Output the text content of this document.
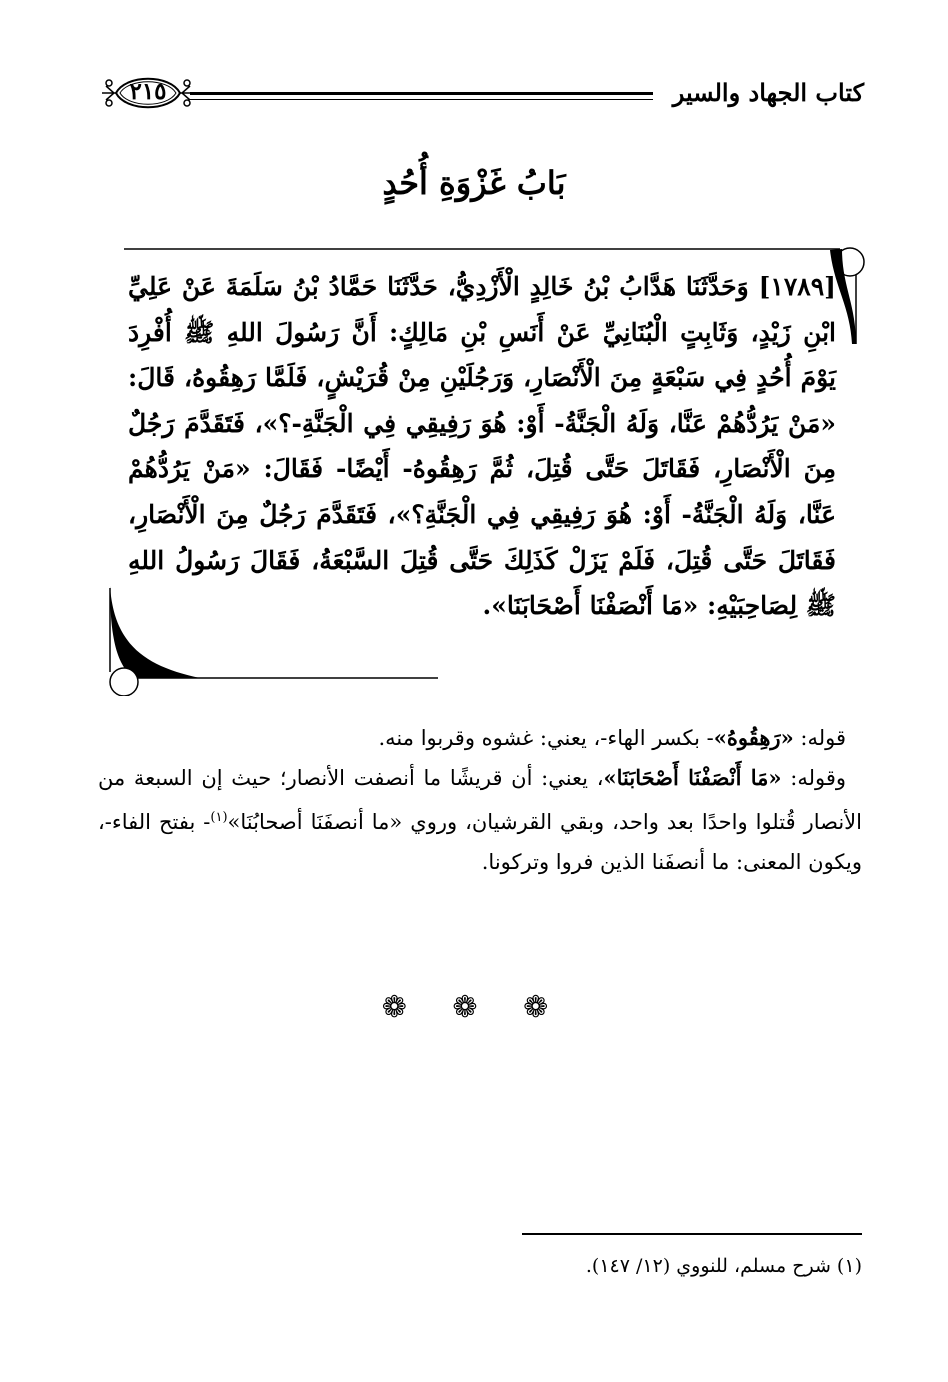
كتاب الجهاد والسير
٢١٥
بَابُ غَزْوَةِ أُحُدٍ
[١٧٨٩] وَحَدَّثَنَا هَدَّابُ بْنُ خَالِدٍ الْأَزْدِيُّ، حَدَّثَنَا حَمَّادُ بْنُ سَلَمَةَ عَنْ عَلِيِّ ابْنِ زَيْدٍ، وَثَابِتٍ الْبُنَانِيِّ عَنْ أَنَسِ بْنِ مَالِكٍ: أَنَّ رَسُولَ اللهِ ﷺ أُفْرِدَ يَوْمَ أُحُدٍ فِي سَبْعَةٍ مِنَ الْأَنْصَارِ، وَرَجُلَيْنِ مِنْ قُرَيْشٍ، فَلَمَّا رَهِقُوهُ، قَالَ: «مَنْ يَرُدُّهُمْ عَنَّا، وَلَهُ الْجَنَّةُ- أَوْ: هُوَ رَفِيقِي فِي الْجَنَّةِ-؟»، فَتَقَدَّمَ رَجُلٌ مِنَ الْأَنْصَارِ، فَقَاتَلَ حَتَّى قُتِلَ، ثُمَّ رَهِقُوهُ- أَيْضًا- فَقَالَ: «مَنْ يَرُدُّهُمْ عَنَّا، وَلَهُ الْجَنَّةُ- أَوْ: هُوَ رَفِيقِي فِي الْجَنَّةِ؟»، فَتَقَدَّمَ رَجُلٌ مِنَ الْأَنْصَارِ، فَقَاتَلَ حَتَّى قُتِلَ، فَلَمْ يَزَلْ كَذَلِكَ حَتَّى قُتِلَ السَّبْعَةُ، فَقَالَ رَسُولُ اللهِ ﷺ لِصَاحِبَيْهِ: «مَا أَنْصَفْنَا أَصْحَابَنَا».

قوله: «رَهِقُوهُ»- بكسر الهاء-، يعني: غشوه وقربوا منه.

وقوله: «مَا أَنْصَفْنَا أَصْحَابَنَا»، يعني: أن قريشًا ما أنصفت الأنصار؛ حيث إن السبعة من الأنصار قُتلوا واحدًا بعد واحد، وبقي القرشيان، وروي «ما أنصفَنَا أصحابُنَا»$^{(١)}$- بفتح الفاء-، ويكون المعنى: ما أنصفَنا الذين فروا وتركونا.

❁ ❁ ❁
(١) شرح مسلم، للنووي (١٢/ ١٤٧).
